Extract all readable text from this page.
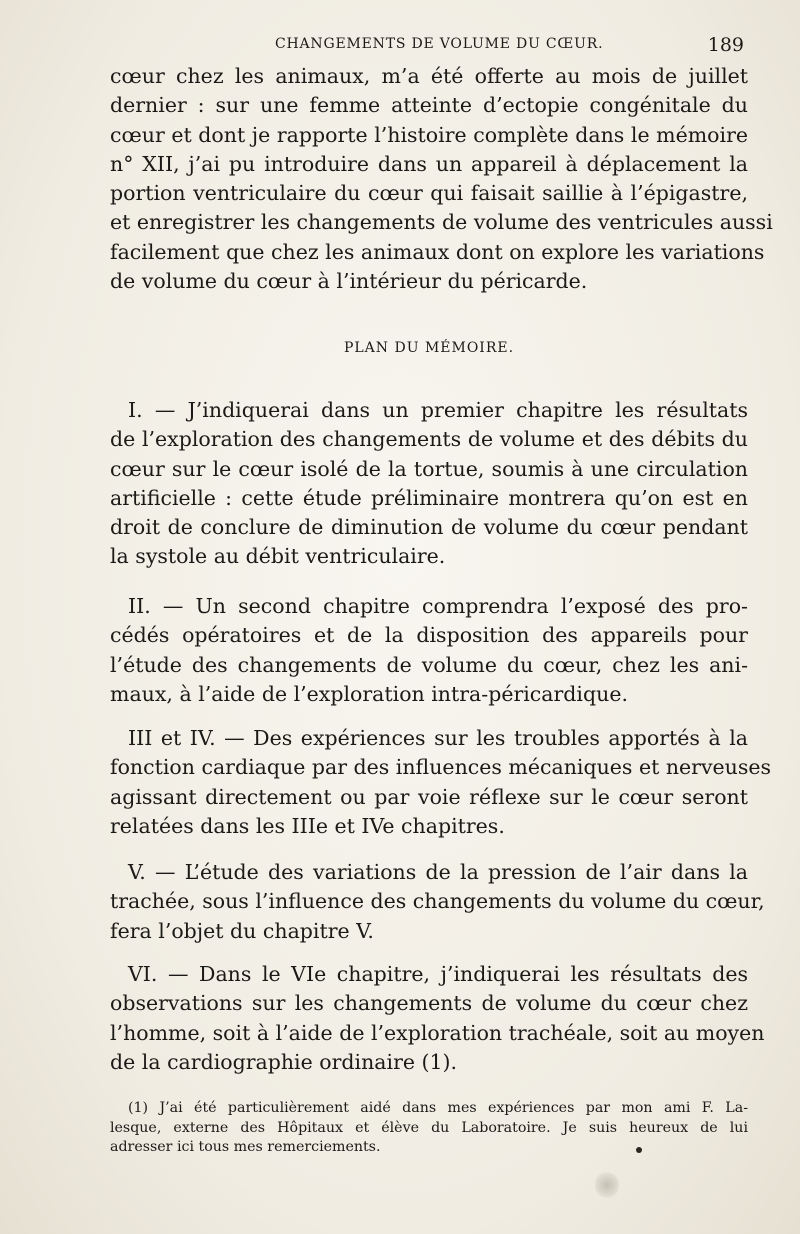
CHANGEMENTS DE VOLUME DU CŒUR.	189
cœur chez les animaux, m’a été offerte au mois de juillet
dernier : sur une femme atteinte d’ectopie congénitale du
cœur et dont je rapporte l’histoire complète dans le mémoire
n° XII, j’ai pu introduire dans un appareil à déplacement la
portion ventriculaire du cœur qui faisait saillie à l’épigastre,
et enregistrer les changements de volume des ventricules aussi
facilement que chez les animaux dont on explore les variations
de volume du cœur à l’intérieur du péricarde.
PLAN DU MÉMOIRE.
I. — J’indiquerai dans un premier chapitre les résultats
de l’exploration des changements de volume et des débits du
cœur sur le cœur isolé de la tortue, soumis à une circulation
artificielle : cette étude préliminaire montrera qu’on est en
droit de conclure de diminution de volume du cœur pendant
la systole au débit ventriculaire.
II. — Un second chapitre comprendra l’exposé des pro-
cédés opératoires et de la disposition des appareils pour
l’étude des changements de volume du cœur, chez les ani-
maux, à l’aide de l’exploration intra-péricardique.
III et IV. — Des expériences sur les troubles apportés à la
fonction cardiaque par des influences mécaniques et nerveuses
agissant directement ou par voie réflexe sur le cœur seront
relatées dans les IIIe et IVe chapitres.
V. — L’étude des variations de la pression de l’air dans la
trachée, sous l’influence des changements du volume du cœur,
fera l’objet du chapitre V.
VI. — Dans le VIe chapitre, j’indiquerai les résultats des
observations sur les changements de volume du cœur chez
l’homme, soit à l’aide de l’exploration trachéale, soit au moyen
de la cardiographie ordinaire (1).
(1) J’ai été particulièrement aidé dans mes expériences par mon ami F. La-
lesque, externe des Hôpitaux et élève du Laboratoire. Je suis heureux de lui
adresser ici tous mes remerciements.
